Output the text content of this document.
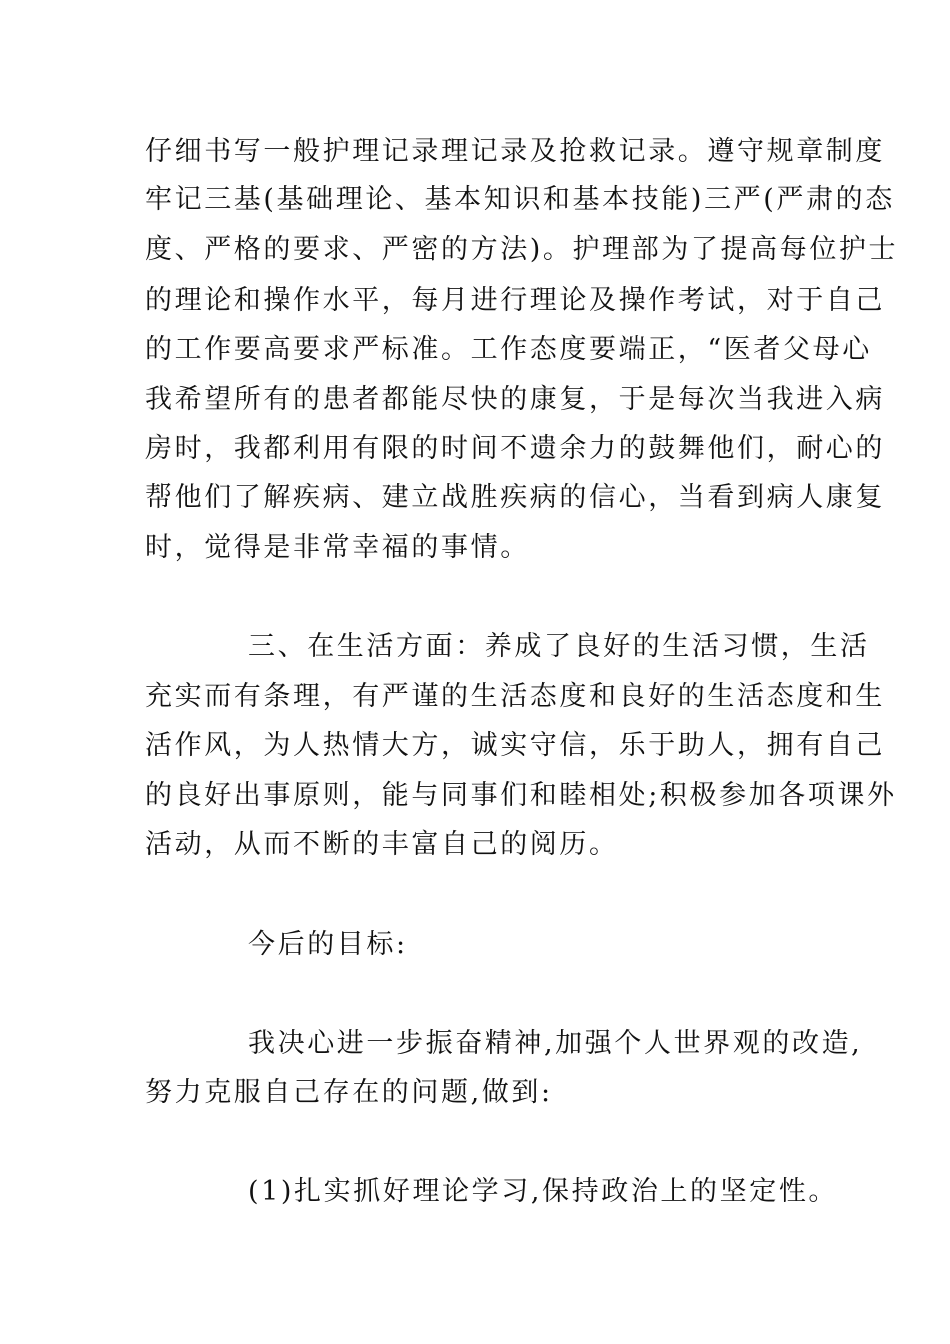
仔细书写一般护理记录理记录及抢救记录。遵守规章制度
牢记三基(基础理论、基本知识和基本技能)三严(严肃的态
度、严格的要求、严密的方法)。护理部为了提高每位护士
的理论和操作水平，每月进行理论及操作考试，对于自己
的工作要高要求严标准。工作态度要端正，“医者父母心
我希望所有的患者都能尽快的康复，于是每次当我进入病
房时，我都利用有限的时间不遗余力的鼓舞他们，耐心的
帮他们了解疾病、建立战胜疾病的信心，当看到病人康复
时，觉得是非常幸福的事情。
三、在生活方面：养成了良好的生活习惯，生活
充实而有条理，有严谨的生活态度和良好的生活态度和生
活作风，为人热情大方，诚实守信，乐于助人，拥有自己
的良好出事原则，能与同事们和睦相处;积极参加各项课外
活动，从而不断的丰富自己的阅历。
今后的目标:
我决心进一步振奋精神,加强个人世界观的改造,
努力克服自己存在的问题,做到:
(1)扎实抓好理论学习,保持政治上的坚定性。
